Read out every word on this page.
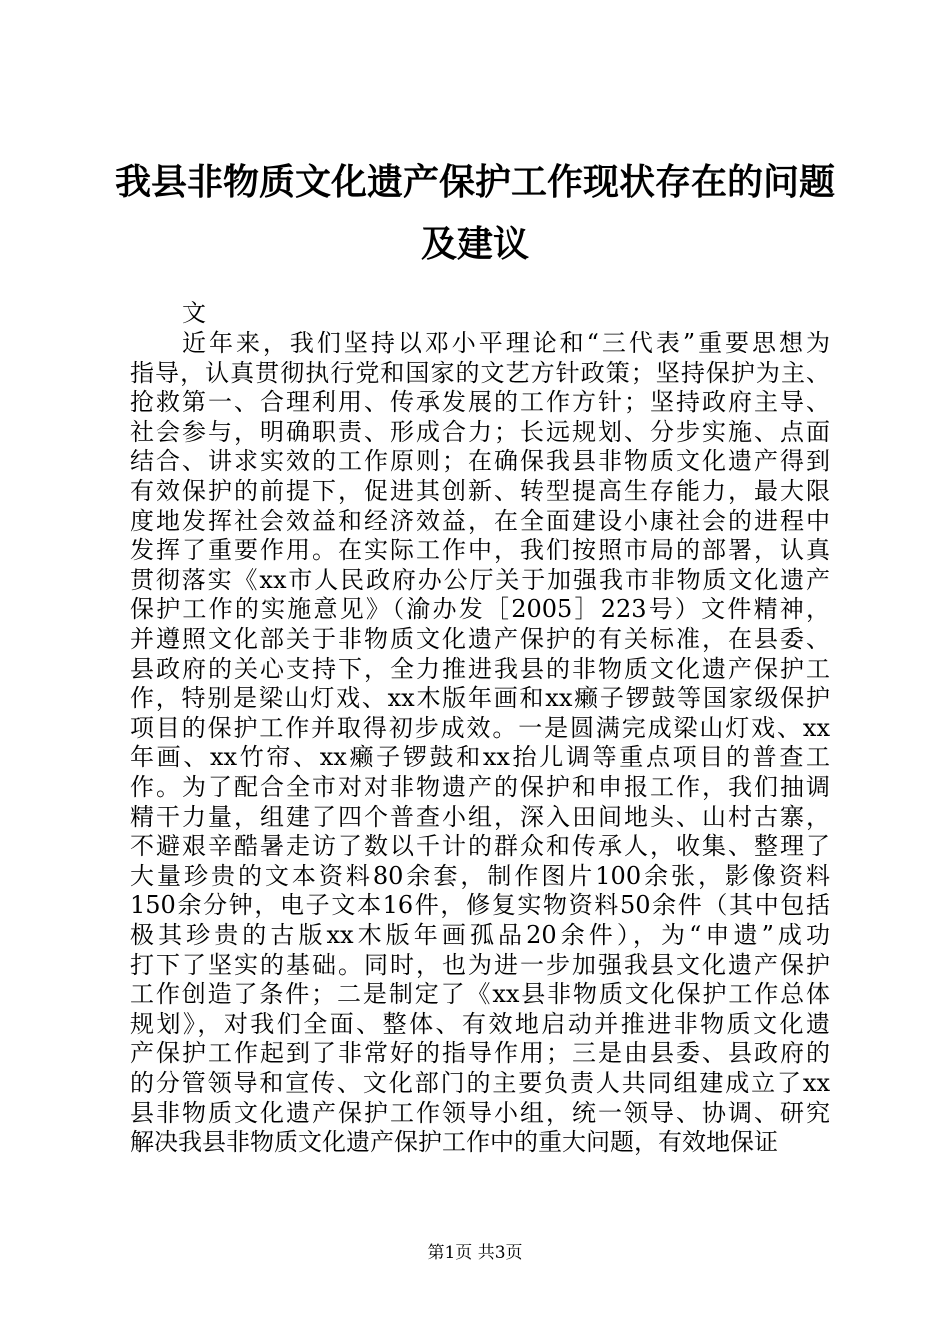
我县非物质文化遗产保护工作现状存在的问题
及建议
文
近年来，我们坚持以邓小平理论和“三代表”重要思想为
指导，认真贯彻执行党和国家的文艺方针政策；坚持保护为主、
抢救第一、合理利用、传承发展的工作方针；坚持政府主导、
社会参与，明确职责、形成合力；长远规划、分步实施、点面
结合、讲求实效的工作原则；在确保我县非物质文化遗产得到
有效保护的前提下，促进其创新、转型提高生存能力，最大限
度地发挥社会效益和经济效益，在全面建设小康社会的进程中
发挥了重要作用。在实际工作中，我们按照市局的部署，认真
贯彻落实《xx市人民政府办公厅关于加强我市非物质文化遗产
保护工作的实施意见》（渝办发［2005］223号）文件精神，
并遵照文化部关于非物质文化遗产保护的有关标准，在县委、
县政府的关心支持下，全力推进我县的非物质文化遗产保护工
作，特别是梁山灯戏、xx木版年画和xx癞子锣鼓等国家级保护
项目的保护工作并取得初步成效。一是圆满完成梁山灯戏、xx
年画、xx竹帘、xx癞子锣鼓和xx抬儿调等重点项目的普查工
作。为了配合全市对对非物遗产的保护和申报工作，我们抽调
精干力量，组建了四个普查小组，深入田间地头、山村古寨，
不避艰辛酷暑走访了数以千计的群众和传承人，收集、整理了
大量珍贵的文本资料80余套，制作图片100余张，影像资料
150余分钟，电子文本16件，修复实物资料50余件（其中包括
极其珍贵的古版xx木版年画孤品20余件），为“申遗”成功
打下了坚实的基础。同时，也为进一步加强我县文化遗产保护
工作创造了条件；二是制定了《xx县非物质文化保护工作总体
规划》，对我们全面、整体、有效地启动并推进非物质文化遗
产保护工作起到了非常好的指导作用；三是由县委、县政府的
的分管领导和宣传、文化部门的主要负责人共同组建成立了xx
县非物质文化遗产保护工作领导小组，统一领导、协调、研究
解决我县非物质文化遗产保护工作中的重大问题，有效地保证
第1页 共3页
